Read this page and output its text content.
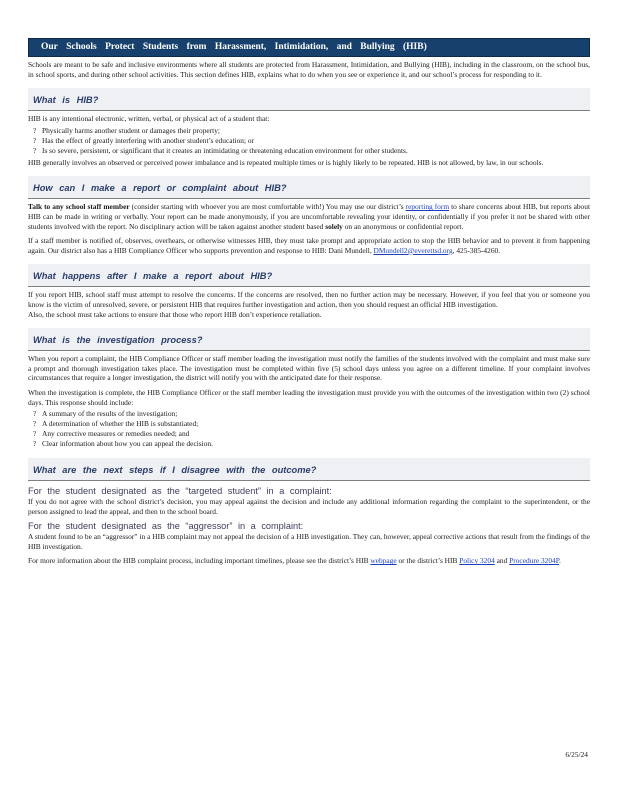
Our Schools Protect Students from Harassment, Intimidation, and Bullying (HIB)

Schools are meant to be safe and inclusive environments where all students are protected from Harassment, Intimidation, and Bullying (HIB), including in the classroom, on the school bus, in school sports, and during other school activities. This section defines HIB, explains what to do when you see or experience it, and our school’s process for responding to it.

What is HIB?

HIB is any intentional electronic, written, verbal, or physical act of a student that:

? Physically harms another student or damages their property;
? Has the effect of greatly interfering with another student’s education; or
? Is so severe, persistent, or significant that it creates an intimidating or threatening education environment for other students.

HIB generally involves an observed or perceived power imbalance and is repeated multiple times or is highly likely to be repeated. HIB is not allowed, by law, in our schools.

How can I make a report or complaint about HIB?

Talk to any school staff member (consider starting with whoever you are most comfortable with!) You may use our district’s reporting form to share concerns about HIB, but reports about HIB can be made in writing or verbally. Your report can be made anonymously, if you are uncomfortable revealing your identity, or confidentially if you prefer it not be shared with other students involved with the report. No disciplinary action will be taken against another student based solely on an anonymous or confidential report.

If a staff member is notified of, observes, overhears, or otherwise witnesses HIB, they must take prompt and appropriate action to stop the HIB behavior and to prevent it from happening again. Our district also has a HIB Compliance Officer who supports prevention and response to HIB: Dani Mundell, DMundell2@everettsd.org, 425-385-4260.

What happens after I make a report about HIB?

If you report HIB, school staff must attempt to resolve the concerns. If the concerns are resolved, then no further action may be necessary. However, if you feel that you or someone you know is the victim of unresolved, severe, or persistent HIB that requires further investigation and action, then you should request an official HIB investigation.

Also, the school must take actions to ensure that those who report HIB don’t experience retaliation.

What is the investigation process?

When you report a complaint, the HIB Compliance Officer or staff member leading the investigation must notify the families of the students involved with the complaint and must make sure a prompt and thorough investigation takes place. The investigation must be completed within five (5) school days unless you agree on a different timeline. If your complaint involves circumstances that require a longer investigation, the district will notify you with the anticipated date for their response.

When the investigation is complete, the HIB Compliance Officer or the staff member leading the investigation must provide you with the outcomes of the investigation within two (2) school days. This response should include:

? A summary of the results of the investigation;
? A determination of whether the HIB is substantiated;
? Any corrective measures or remedies needed; and
? Clear information about how you can appeal the decision.
What are the next steps if I disagree with the outcome?
For the student designated as the “targeted student” in a complaint:

If you do not agree with the school district’s decision, you may appeal against the decision and include any additional information regarding the complaint to the superintendent, or the person assigned to lead the appeal, and then to the school board.

For the student designated as the “aggressor” in a complaint:

A student found to be an “aggressor” in a HIB complaint may not appeal the decision of a HIB investigation. They can, however, appeal corrective actions that result from the findings of the HIB investigation.

For more information about the HIB complaint process, including important timelines, please see the district’s HIB webpage or the district’s HIB Policy 3204 and Procedure 3204P.

6/25/24
